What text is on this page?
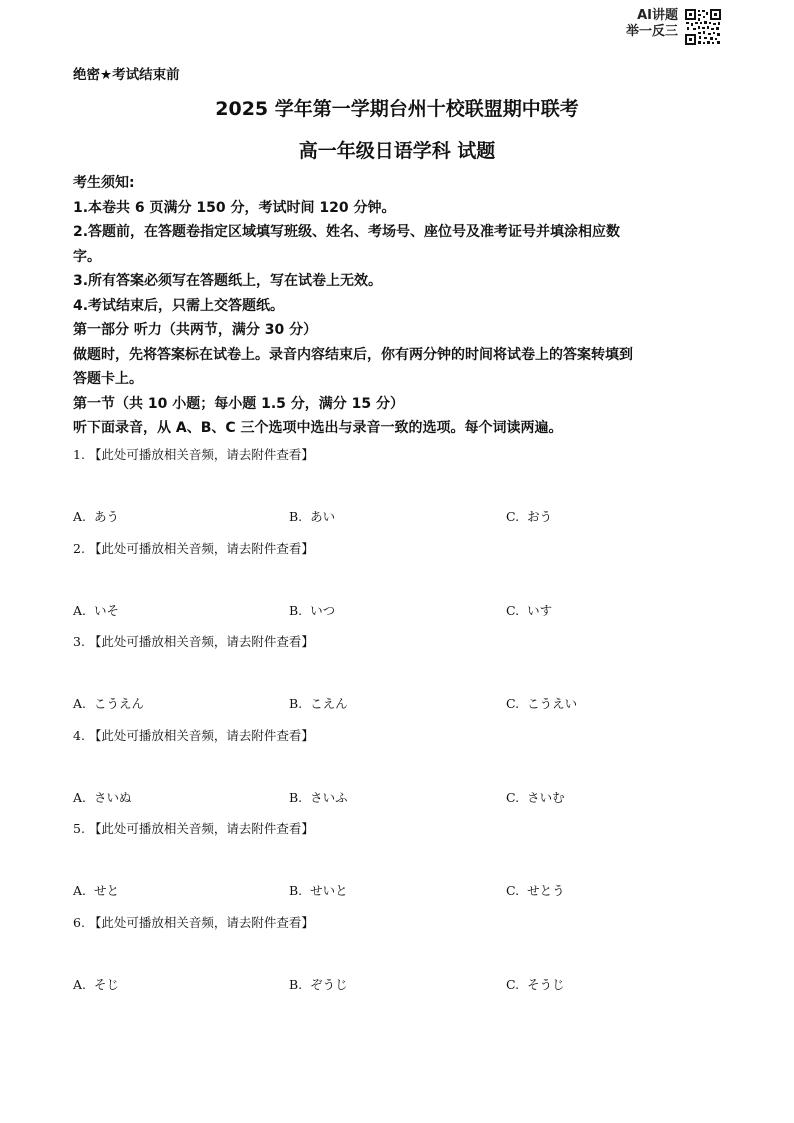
AI讲题
举一反三
绝密★考试结束前
2025 学年第一学期台州十校联盟期中联考
高一年级日语学科 试题

考生须知:

1.本卷共 6 页满分 150 分，考试时间 120 分钟。

2.答题前，在答题卷指定区域填写班级、姓名、考场号、座位号及准考证号并填涂相应数

字。

3.所有答案必须写在答题纸上，写在试卷上无效。

4.考试结束后，只需上交答题纸。

第一部分 听力（共两节，满分 30 分）

做题时，先将答案标在试卷上。录音内容结束后，你有两分钟的时间将试卷上的答案转填到

答题卡上。

第一节（共 10 小题；每小题 1.5 分，满分 15 分）

听下面录音，从 A、B、C 三个选项中选出与录音一致的选项。每个词读两遍。

1. 【此处可播放相关音频，请去附件查看】
A. あう	B. あい	C. おう
2. 【此处可播放相关音频，请去附件查看】
A. いそ	B. いつ	C. いす
3. 【此处可播放相关音频，请去附件查看】
A. こうえん	B. こえん	C. こうえい
4. 【此处可播放相关音频，请去附件查看】
A. さいぬ	B. さいふ	C. さいむ
5. 【此处可播放相关音频，请去附件查看】
A. せと	B. せいと	C. せとう
6. 【此处可播放相关音频，请去附件查看】
A. そじ	B. ぞうじ	C. そうじ
